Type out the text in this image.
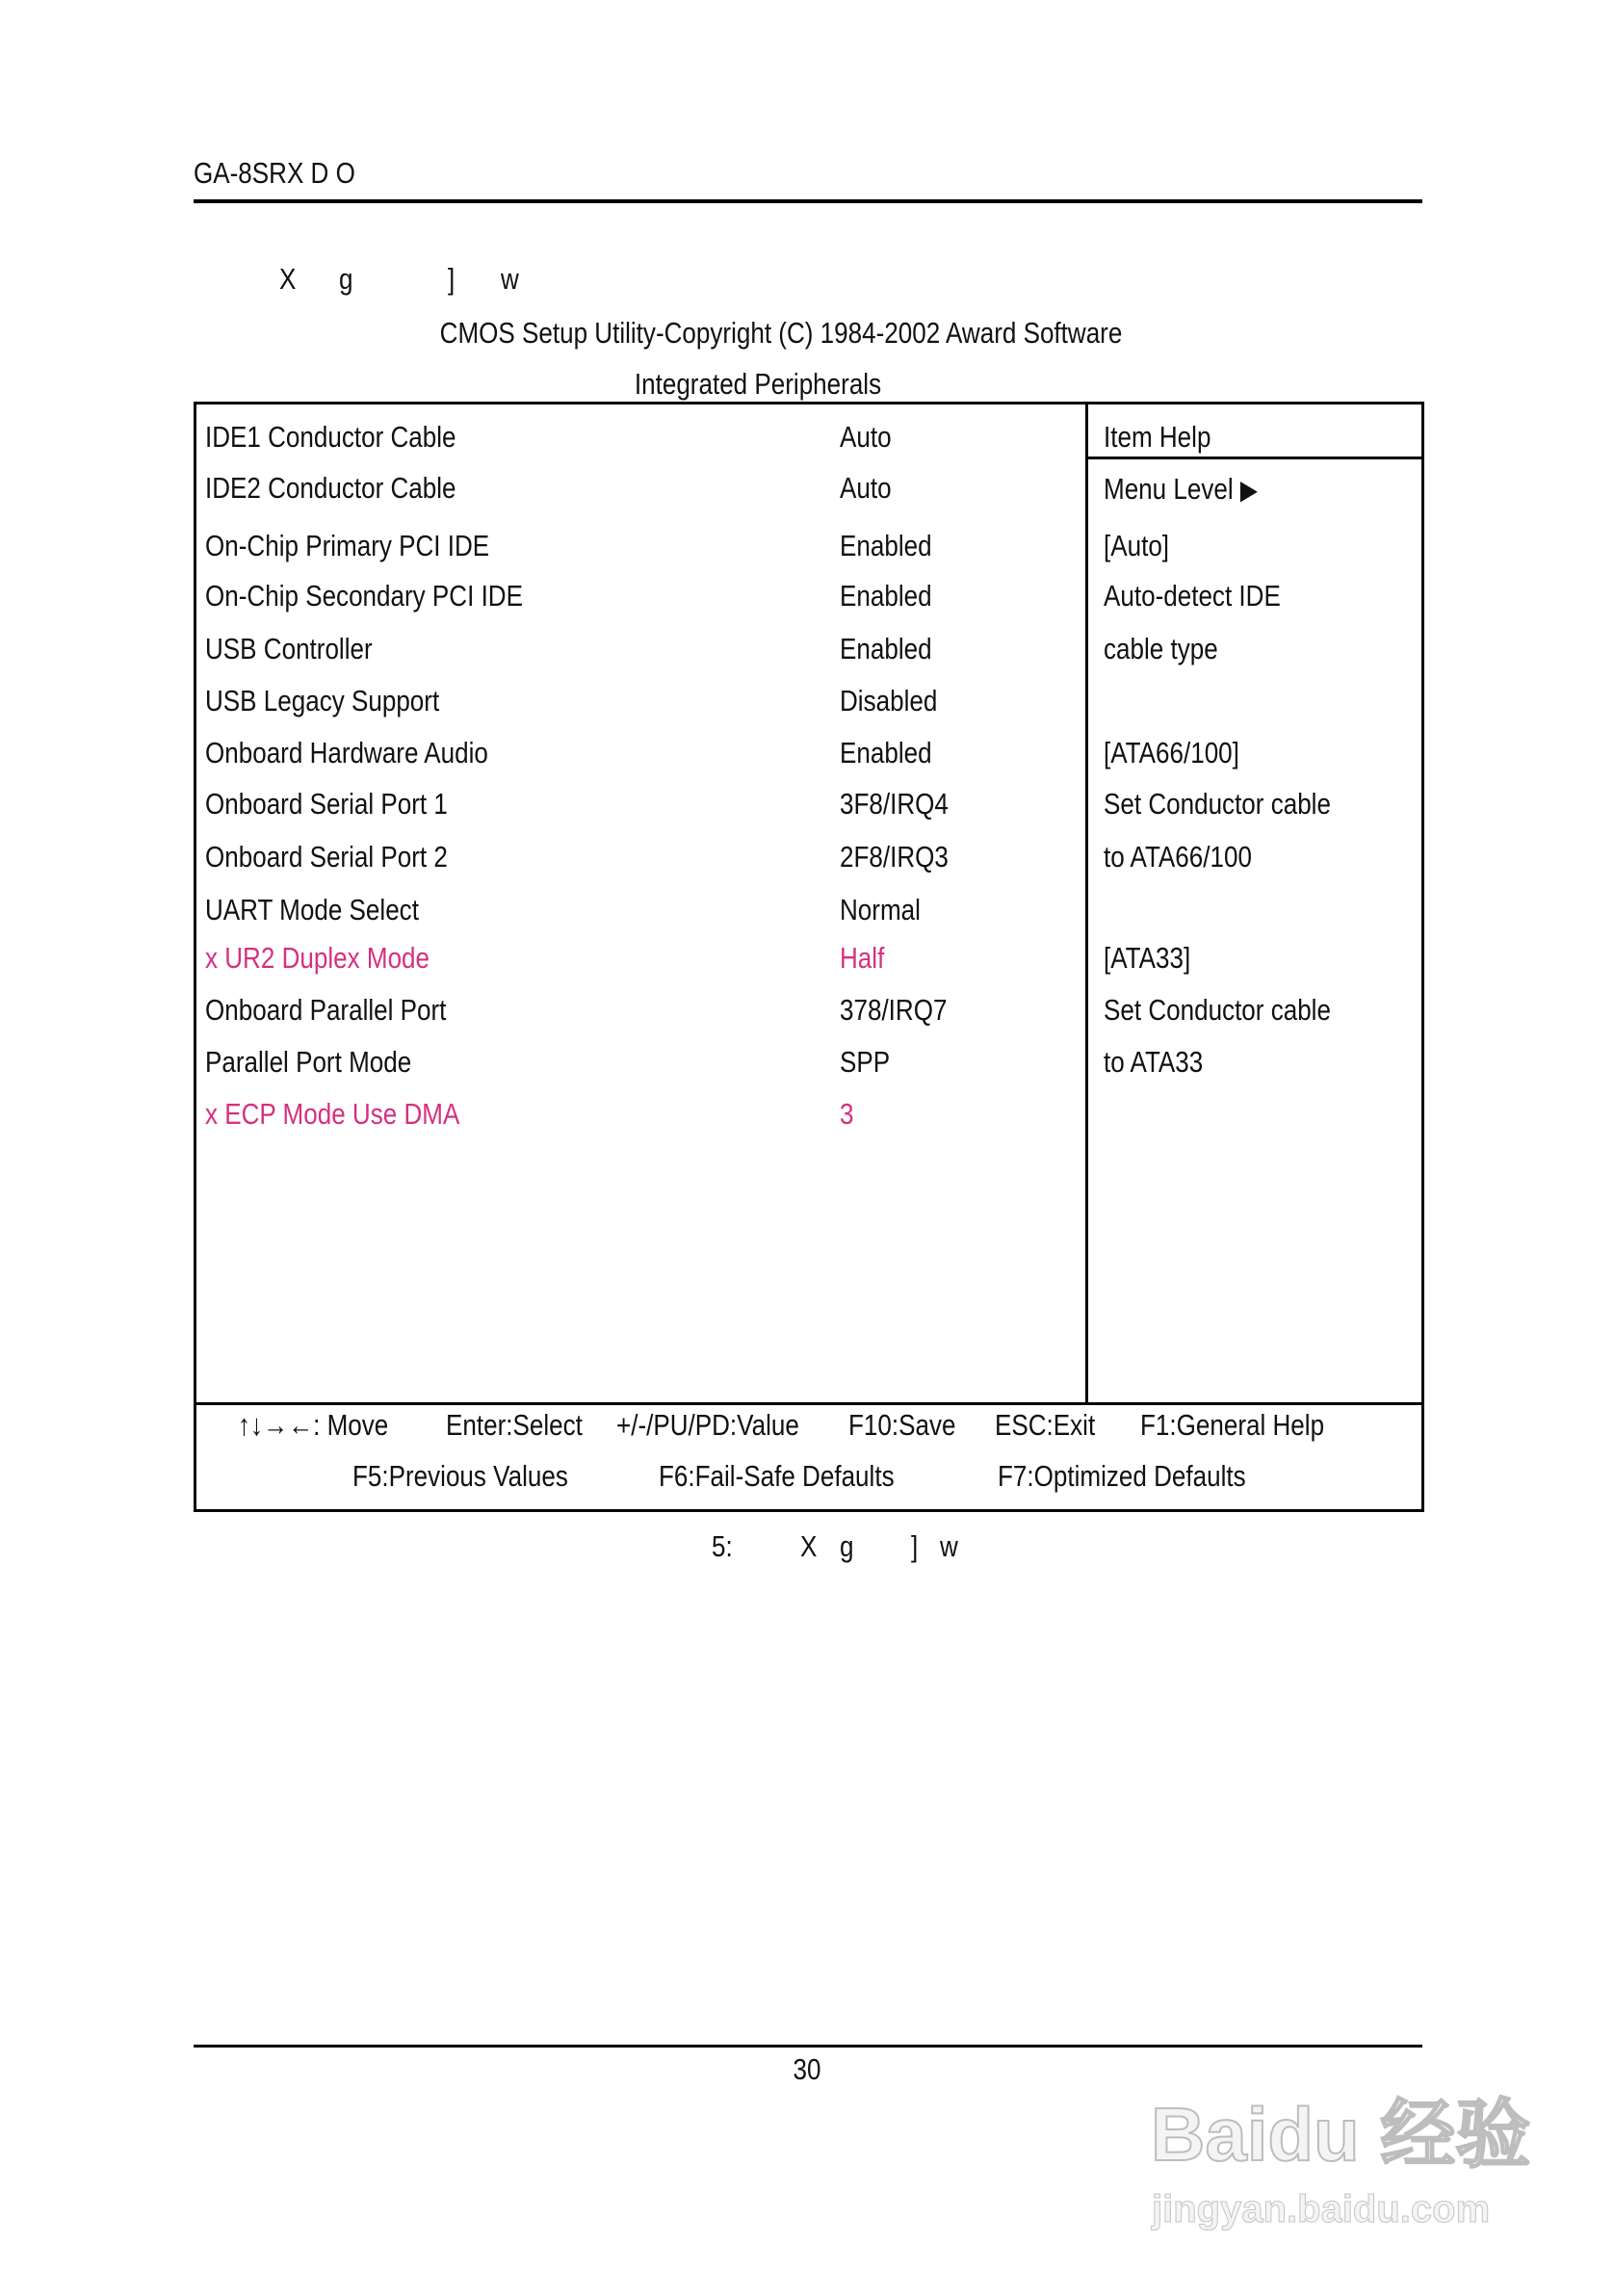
GA-8SRX D O
X g	] w
CMOS Setup Utility-Copyright (C) 1984-2002 Award Software
Integrated Peripherals
IDE1 Conductor Cable	Auto
IDE2 Conductor Cable	Auto
On-Chip Primary PCI IDE	Enabled
On-Chip Secondary PCI IDE	Enabled
USB Controller	Enabled
USB Legacy Support	Disabled
Onboard Hardware Audio	Enabled
Onboard Serial Port 1	3F8/IRQ4
Onboard Serial Port 2	2F8/IRQ3
UART Mode Select	Normal
x UR2 Duplex Mode	Half
Onboard Parallel Port	378/IRQ7
Parallel Port Mode	SPP
x ECP Mode Use DMA	3
Item Help
Menu Level ▶
[Auto]
Auto-detect IDE
cable type
[ATA66/100]
Set Conductor cable
to ATA66/100
[ATA33]
Set Conductor cable
to ATA33
↑↓→←: Move Enter:Select +/-/PU/PD:Value F10:Save ESC:Exit F1:General Help
F5:Previous Values	F6:Fail-Safe Defaults	F7:Optimized Defaults
5: X g ] w
30
Baidu 经验
jingyan.baidu.com
